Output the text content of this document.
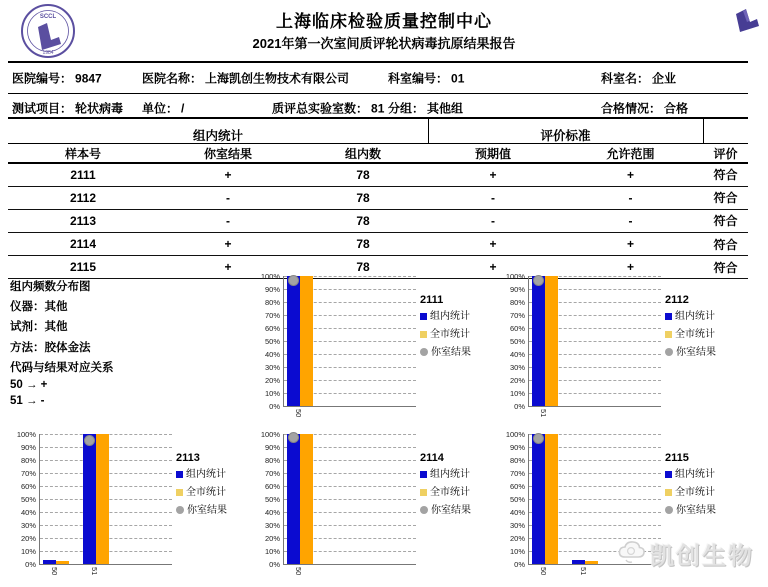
SCCL
1984
上海临床检验质量控制中心
2021年第一次室间质评轮状病毒抗原结果报告
医院编号： 9847	医院名称： 上海凯创生物技术有限公司	科室编号： 01	科室名： 企业
测试项目： 轮状病毒 单位： /	质评总实验室数： 81 分组： 其他组	合格情况： 合格
组内统计	评价标准
样本号	你室结果	组内数	预期值	允许范围	评价
2111	+	78	+	+	符合
2112	-	78	-	-	符合
2113	-	78	-	-	符合
2114	+	78	+	+	符合
2115	+	78	+	+	符合
组内频数分布图
仪器：其他
试剂：其他
方法：胶体金法
代码与结果对应关系
50 → +
51 → -
100%
90%
80%
70%
60%
50%
40%
30%
20%
10%
0%
50
2111
组内统计
全市统计
你室结果
100%
90%
80%
70%
60%
50%
40%
30%
20%
10%
0%
51
2112
组内统计
全市统计
你室结果
100%
90%
80%
70%
60%
50%
40%
30%
20%
10%
0%
50	51
2113
组内统计
全市统计
你室结果
100%
90%
80%
70%
60%
50%
40%
30%
20%
10%
0%
50
2114
组内统计
全市统计
你室结果
100%
90%
80%
70%
60%
50%
40%
30%
20%
10%
0%
50	51
2115
组内统计
全市统计
你室结果
凯创生物
